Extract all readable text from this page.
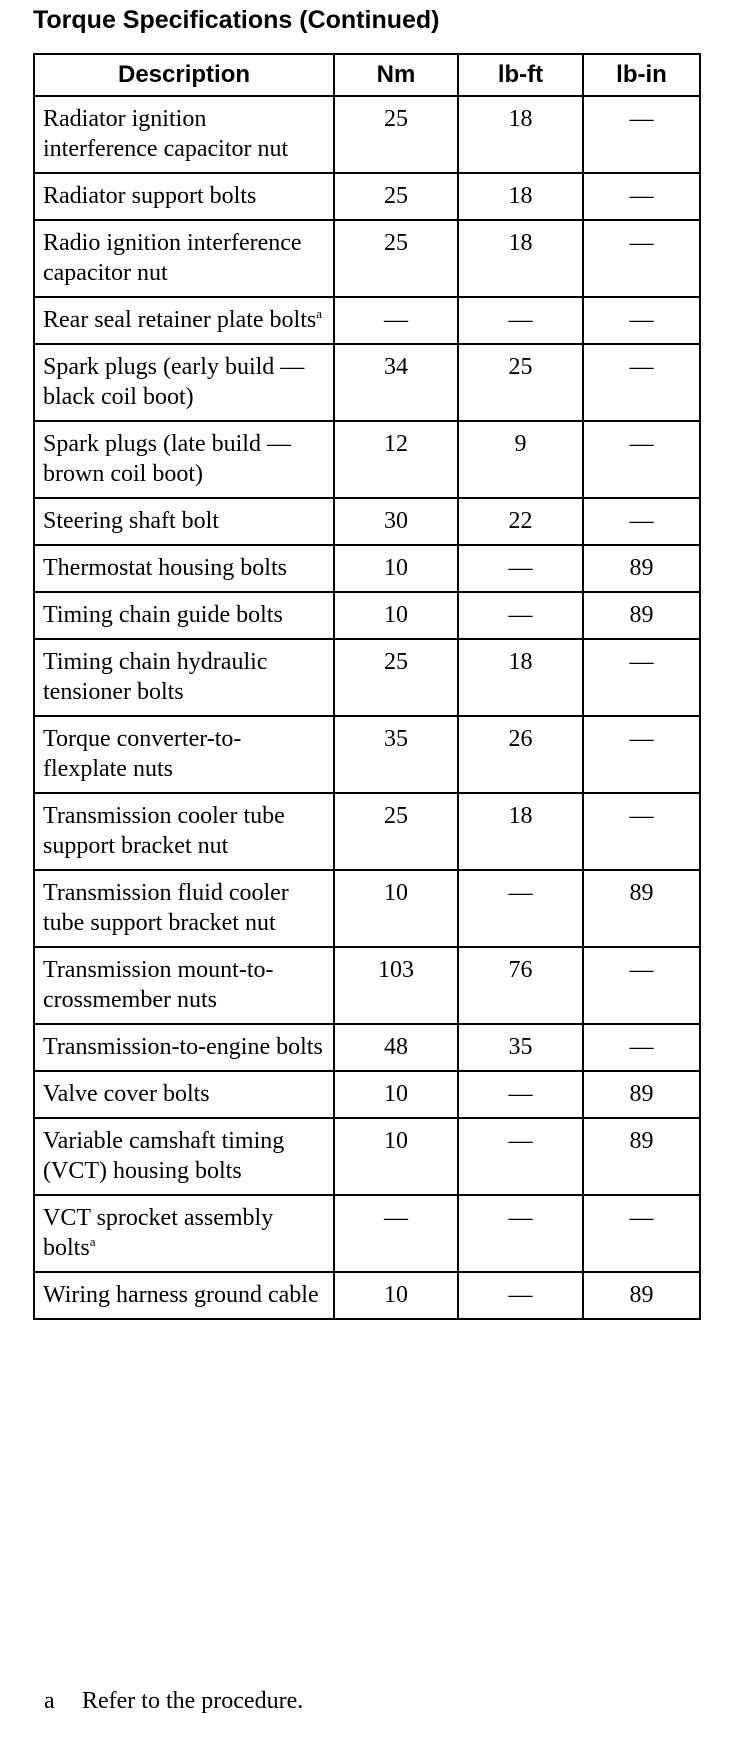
Torque Specifications (Continued)
Description	Nm	lb-ft	lb-in
Radiator ignition interference capacitor nut	25	18	—
Radiator support bolts	25	18	—
Radio ignition interference capacitor nut	25	18	—
Rear seal retainer plate bolts$^a$	—	—	—
Spark plugs (early build — black coil boot)	34	25	—
Spark plugs (late build — brown coil boot)	12	9	—
Steering shaft bolt	30	22	—
Thermostat housing bolts	10	—	89
Timing chain guide bolts	10	—	89
Timing chain hydraulic tensioner bolts	25	18	—
Torque converter-to-flexplate nuts	35	26	—
Transmission cooler tube support bracket nut	25	18	—
Transmission fluid cooler tube support bracket nut	10	—	89
Transmission mount-to-crossmember nuts	103	76	—
Transmission-to-engine bolts	48	35	—
Valve cover bolts	10	—	89
Variable camshaft timing (VCT) housing bolts	10	—	89
VCT sprocket assembly bolts$^a$	—	—	—
Wiring harness ground cable	10	—	89
a Refer to the procedure.
